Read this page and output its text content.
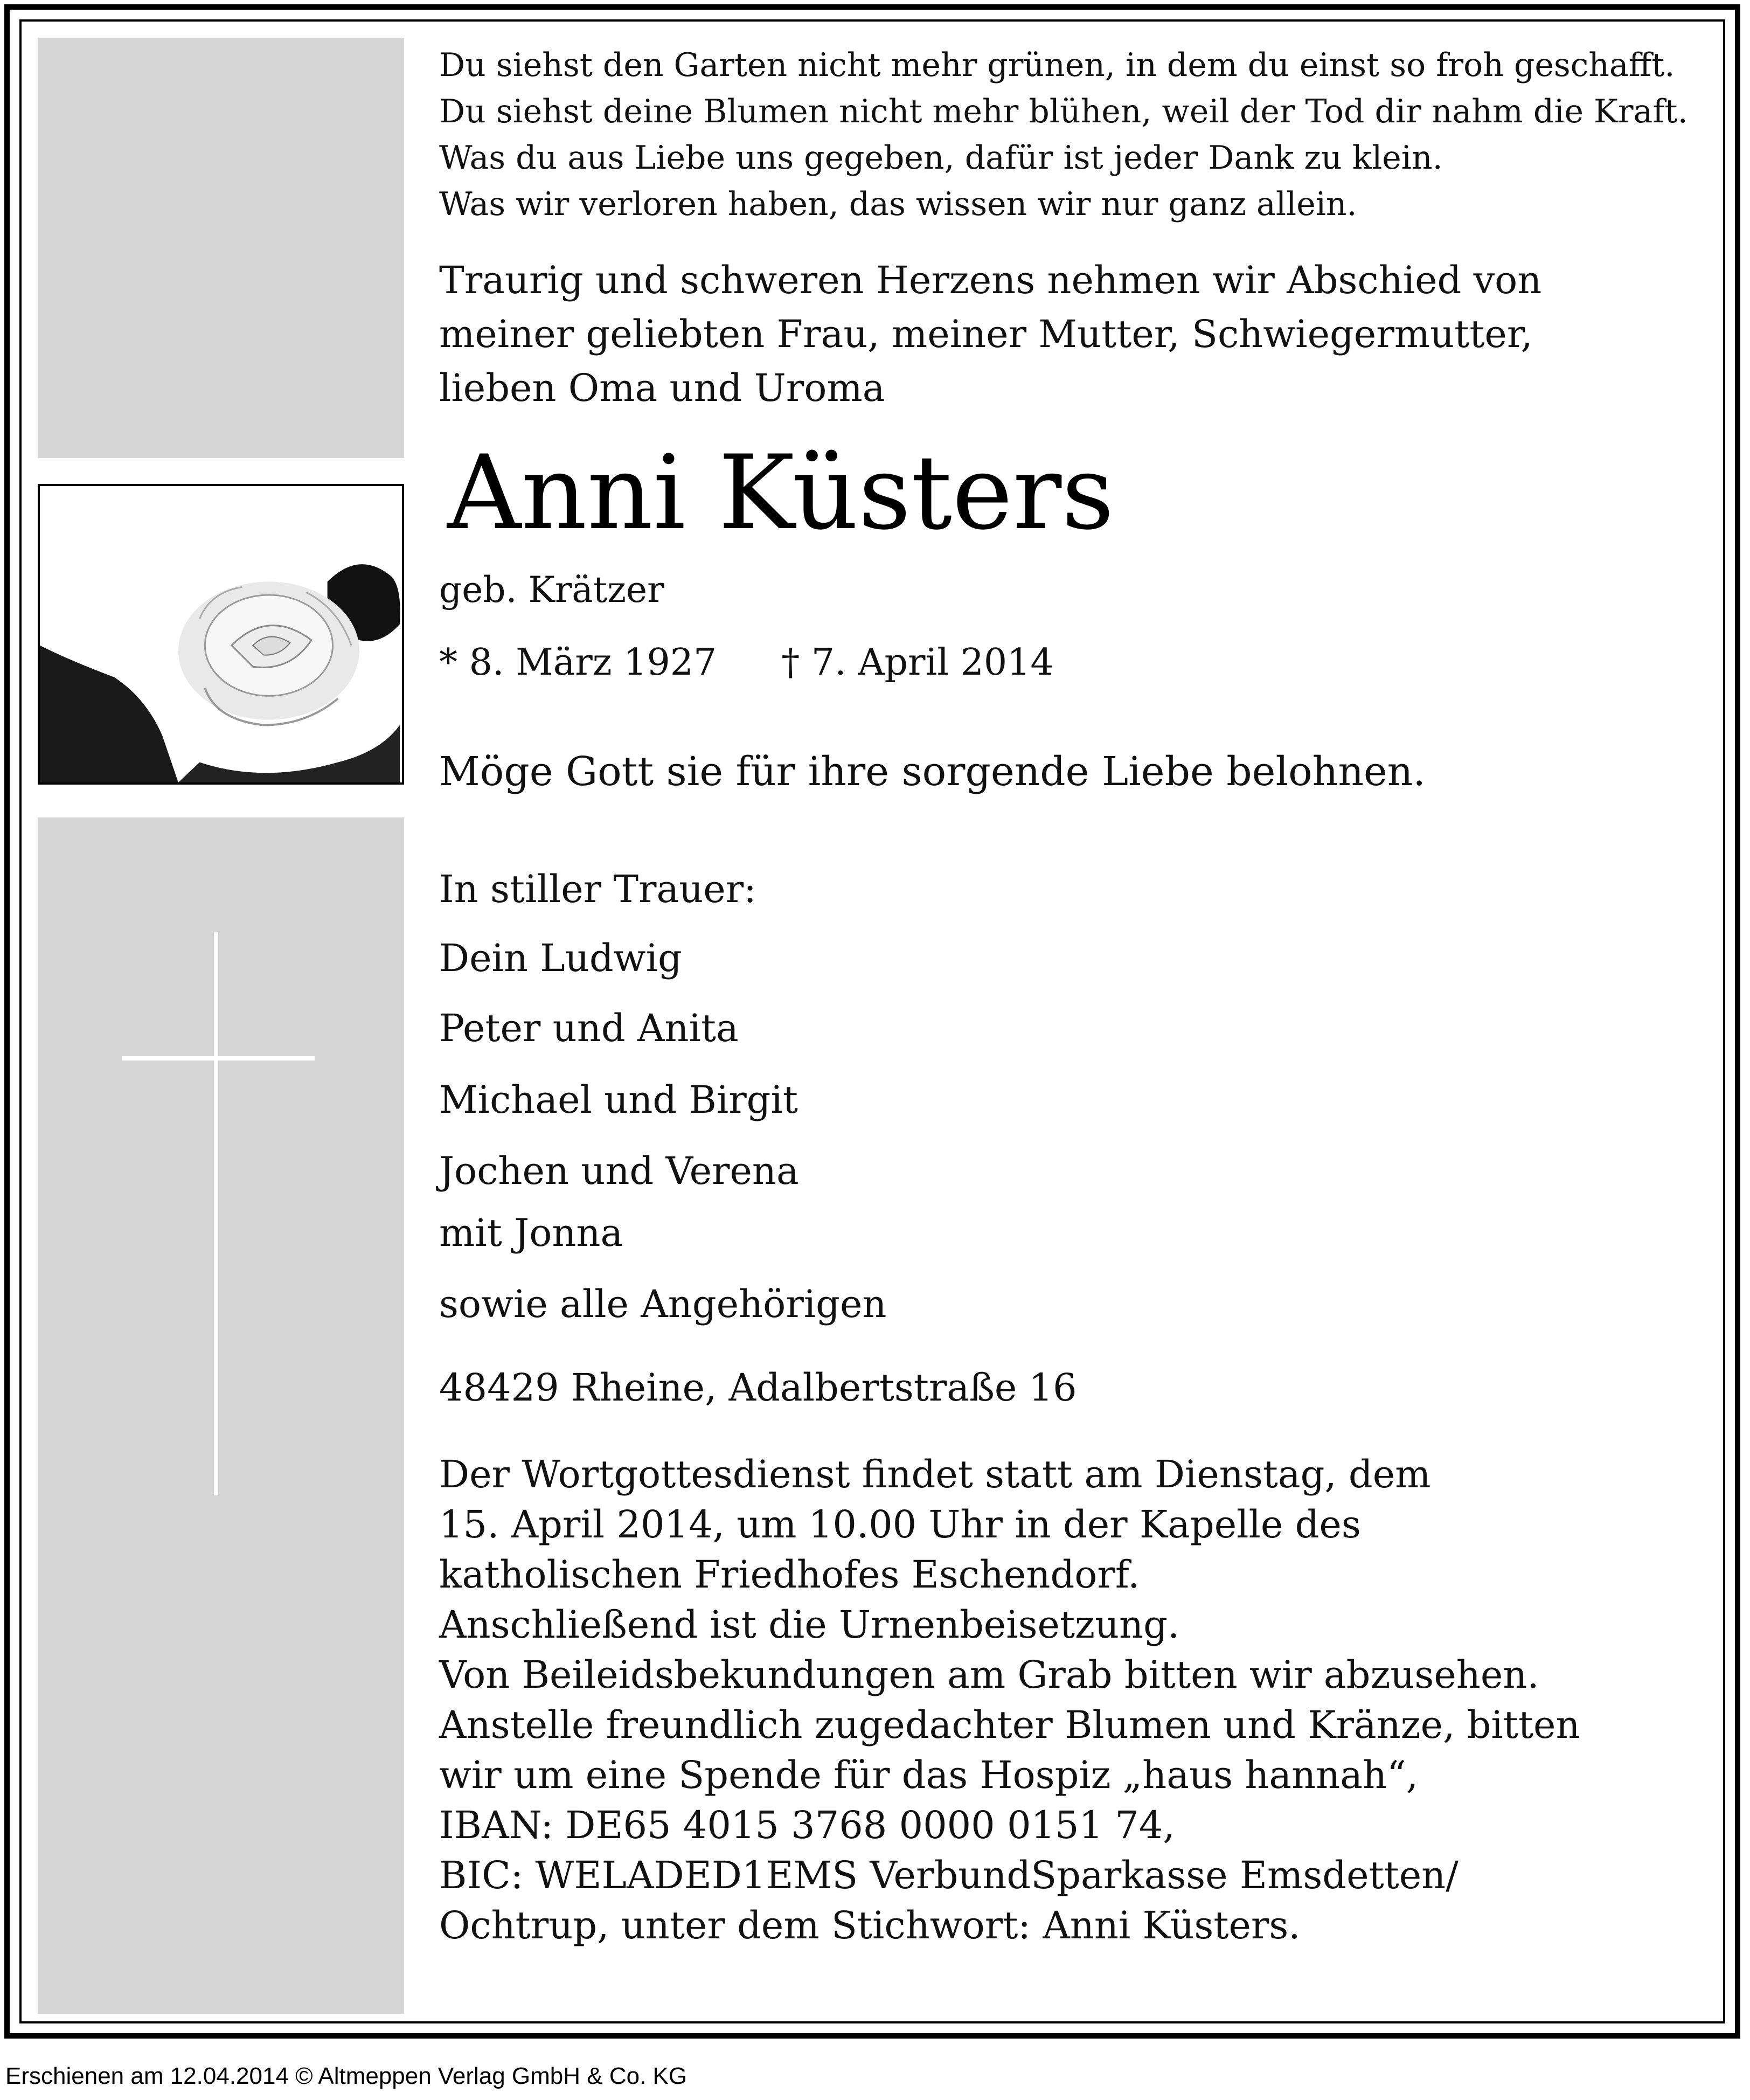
Du siehst den Garten nicht mehr grünen, in dem du einst so froh geschafft.
Du siehst deine Blumen nicht mehr blühen, weil der Tod dir nahm die Kraft.
Was du aus Liebe uns gegeben, dafür ist jeder Dank zu klein.
Was wir verloren haben, das wissen wir nur ganz allein.
Traurig und schweren Herzens nehmen wir Abschied von
meiner geliebten Frau, meiner Mutter, Schwiegermutter,
lieben Oma und Uroma
Anni Küsters
geb. Krätzer
* 8. März 1927 † 7. April 2014
Möge Gott sie für ihre sorgende Liebe belohnen.
In stiller Trauer:
Dein Ludwig
Peter und Anita
Michael und Birgit
Jochen und Verena
mit Jonna
sowie alle Angehörigen
48429 Rheine, Adalbertstraße 16
Der Wortgottesdienst findet statt am Dienstag, dem
15. April 2014, um 10.00 Uhr in der Kapelle des
katholischen Friedhofes Eschendorf.
Anschließend ist die Urnenbeisetzung.
Von Beileidsbekundungen am Grab bitten wir abzusehen.
Anstelle freundlich zugedachter Blumen und Kränze, bitten
wir um eine Spende für das Hospiz „haus hannah“,
IBAN: DE65 4015 3768 0000 0151 74,
BIC: WELADED1EMS VerbundSparkasse Emsdetten/
Ochtrup, unter dem Stichwort: Anni Küsters.
Erschienen am 12.04.2014 © Altmeppen Verlag GmbH & Co. KG
